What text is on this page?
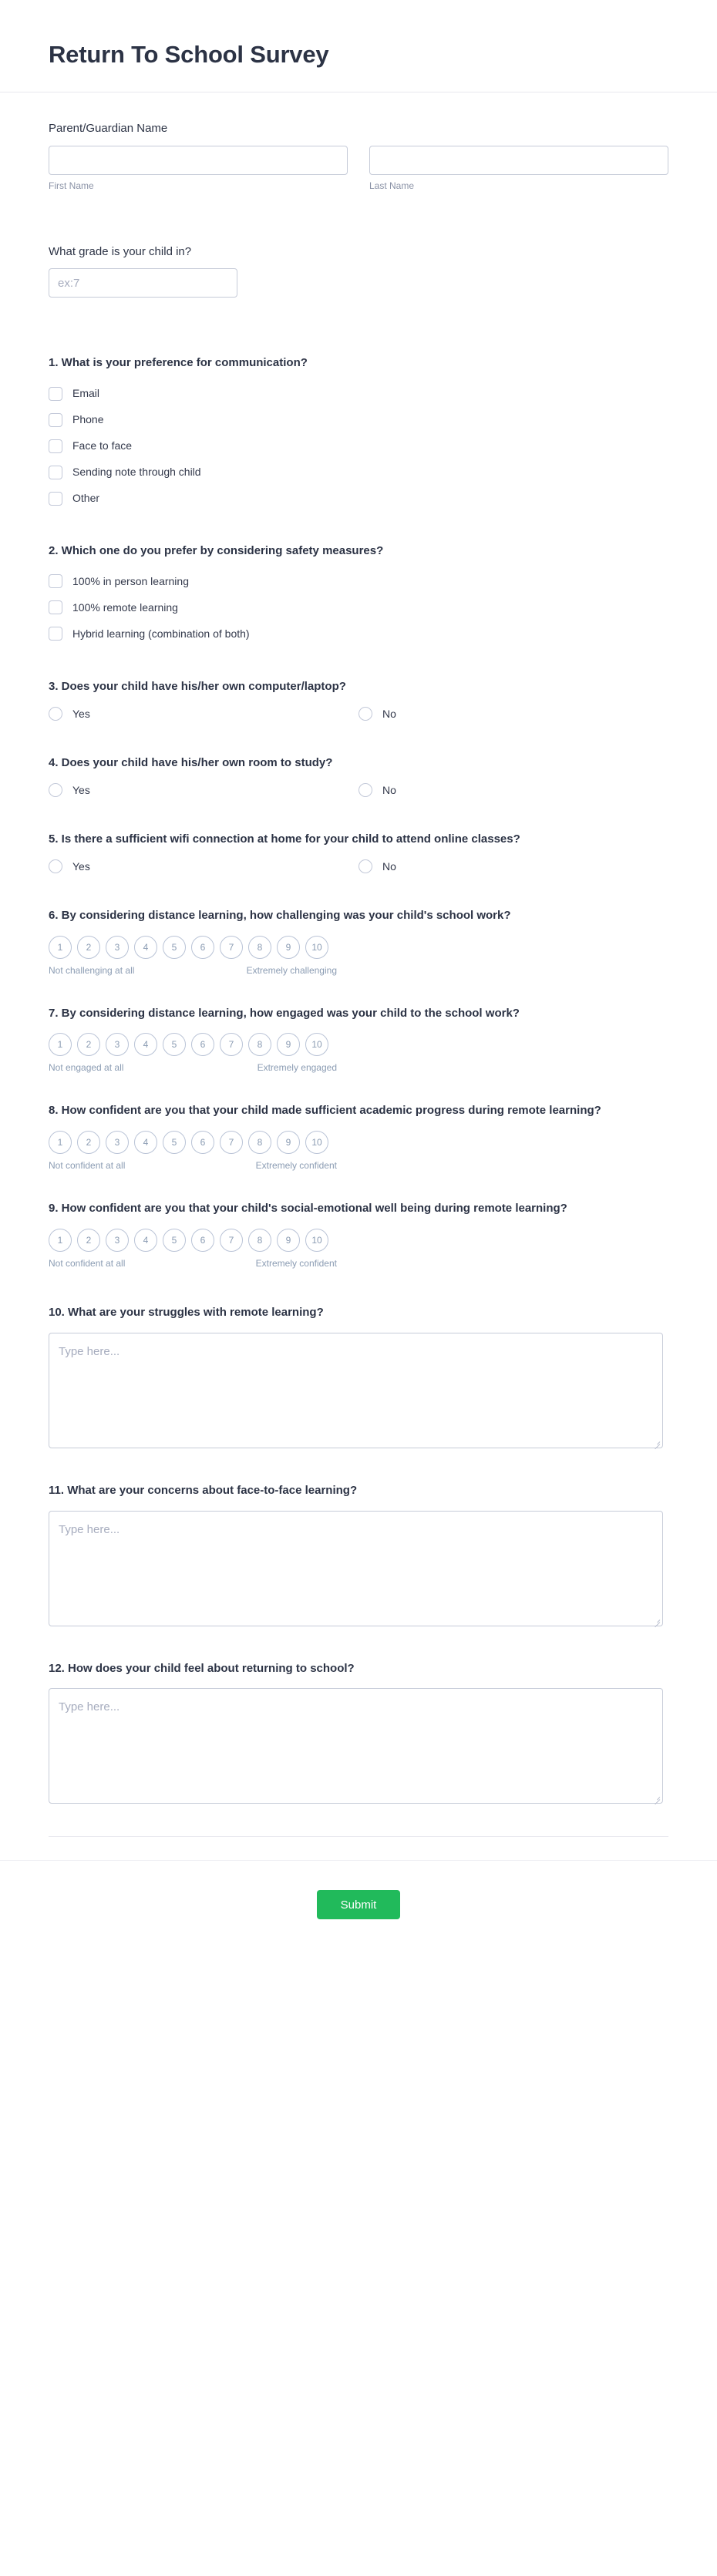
Return To School Survey
Parent/Guardian Name
First Name	Last Name
What grade is your child in?
ex:7
1. What is your preference for communication?
Email
Phone
Face to face
Sending note through child
Other
2. Which one do you prefer by considering safety measures?
100% in person learning
100% remote learning
Hybrid learning (combination of both)
3. Does your child have his/her own computer/laptop?
Yes	No
4. Does your child have his/her own room to study?
Yes	No
5. Is there a sufficient wifi connection at home for your child to attend online classes?
Yes	No
6. By considering distance learning, how challenging was your child's school work?
1	2	3	4	5	6	7	8	9	10
Not challenging at all	Extremely challenging
7. By considering distance learning, how engaged was your child to the school work?
1	2	3	4	5	6	7	8	9	10
Not engaged at all	Extremely engaged
8. How confident are you that your child made sufficient academic progress during remote learning?
1	2	3	4	5	6	7	8	9	10
Not confident at all	Extremely confident
9. How confident are you that your child's social-emotional well being during remote learning?
1	2	3	4	5	6	7	8	9	10
Not confident at all	Extremely confident
10. What are your struggles with remote learning?
Type here...
11. What are your concerns about face-to-face learning?
Type here...
12. How does your child feel about returning to school?
Type here...
Submit
